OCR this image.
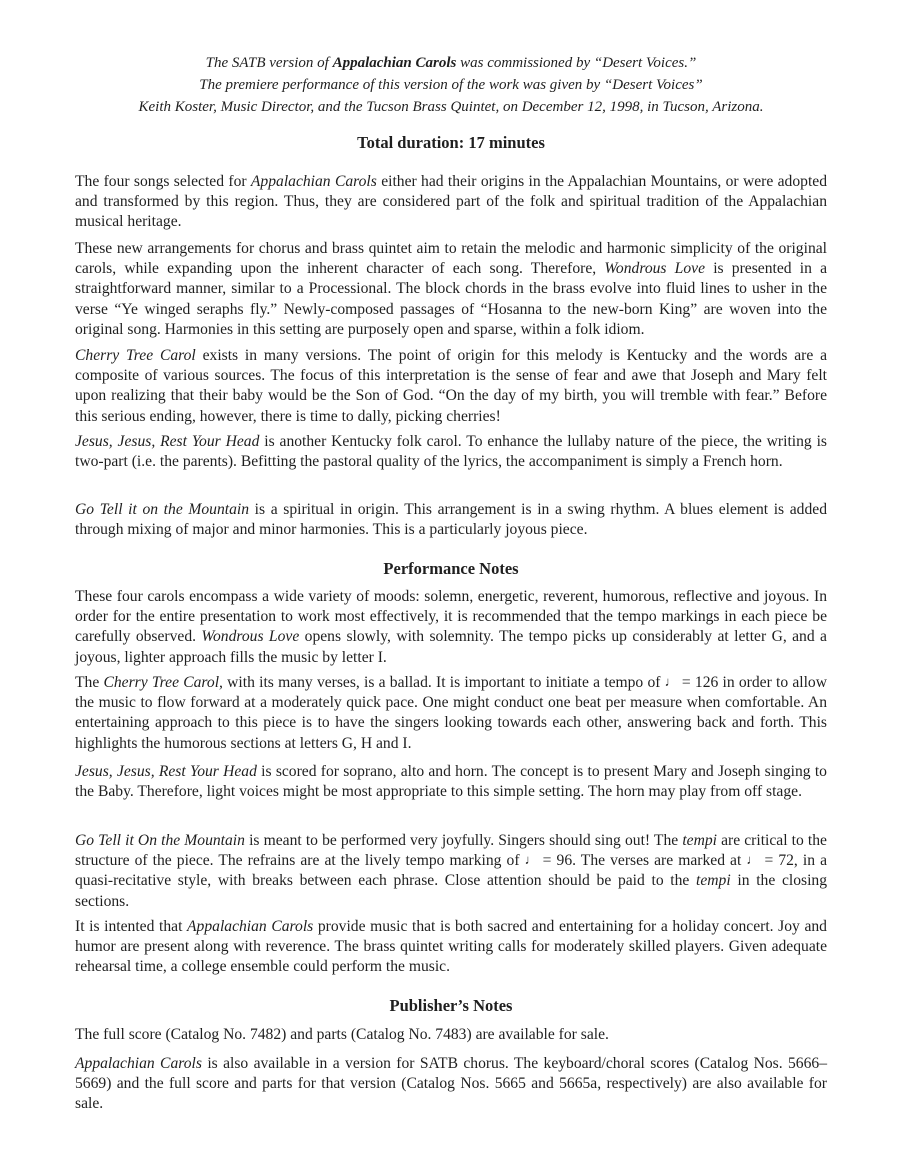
The SATB version of Appalachian Carols was commissioned by “Desert Voices.”
The premiere performance of this version of the work was given by “Desert Voices”
Keith Koster, Music Director, and the Tucson Brass Quintet, on December 12, 1998, in Tucson, Arizona.
Total duration: 17 minutes

The four songs selected for Appalachian Carols either had their origins in the Appalachian Mountains, or were adopted and transformed by this region. Thus, they are considered part of the folk and spiritual tradition of the Appalachian musical heritage.

These new arrangements for chorus and brass quintet aim to retain the melodic and harmonic simplicity of the original carols, while expanding upon the inherent character of each song. Therefore, Wondrous Love is presented in a straightforward manner, similar to a Processional. The block chords in the brass evolve into fluid lines to usher in the verse “Ye winged seraphs fly.” Newly-composed passages of “Hosanna to the new-born King” are woven into the original song. Harmonies in this setting are purposely open and sparse, within a folk idiom.

Cherry Tree Carol exists in many versions. The point of origin for this melody is Kentucky and the words are a composite of various sources. The focus of this interpretation is the sense of fear and awe that Joseph and Mary felt upon realizing that their baby would be the Son of God. “On the day of my birth, you will tremble with fear.” Before this serious ending, however, there is time to dally, picking cherries!

Jesus, Jesus, Rest Your Head is another Kentucky folk carol. To enhance the lullaby nature of the piece, the writing is two-part (i.e. the parents). Befitting the pastoral quality of the lyrics, the accompaniment is simply a French horn.

Go Tell it on the Mountain is a spiritual in origin. This arrangement is in a swing rhythm. A blues element is added through mixing of major and minor harmonies. This is a particularly joyous piece.

Performance Notes

These four carols encompass a wide variety of moods: solemn, energetic, reverent, humorous, reflective and joyous. In order for the entire presentation to work most effectively, it is recommended that the tempo markings in each piece be carefully observed. Wondrous Love opens slowly, with solemnity. The tempo picks up considerably at letter G, and a joyous, lighter approach fills the music by letter I.

The Cherry Tree Carol, with its many verses, is a ballad. It is important to initiate a tempo of ♩ = 126 in order to allow the music to flow forward at a moderately quick pace. One might conduct one beat per measure when comfortable. An entertaining approach to this piece is to have the singers looking towards each other, answering back and forth. This highlights the humorous sections at letters G, H and I.

Jesus, Jesus, Rest Your Head is scored for soprano, alto and horn. The concept is to present Mary and Joseph singing to the Baby. Therefore, light voices might be most appropriate to this simple setting. The horn may play from off stage.

Go Tell it On the Mountain is meant to be performed very joyfully. Singers should sing out! The tempi are critical to the structure of the piece. The refrains are at the lively tempo marking of ♩ = 96. The verses are marked at ♩ = 72, in a quasi-recitative style, with breaks between each phrase. Close attention should be paid to the tempi in the closing sections.

It is intented that Appalachian Carols provide music that is both sacred and entertaining for a holiday concert. Joy and humor are present along with reverence. The brass quintet writing calls for moderately skilled players. Given adequate rehearsal time, a college ensemble could perform the music.

Publisher’s Notes

The full score (Catalog No. 7482) and parts (Catalog No. 7483) are available for sale.

Appalachian Carols is also available in a version for SATB chorus. The keyboard/choral scores (Catalog Nos. 5666–5669) and the full score and parts for that version (Catalog Nos. 5665 and 5665a, respectively) are also available for sale.
